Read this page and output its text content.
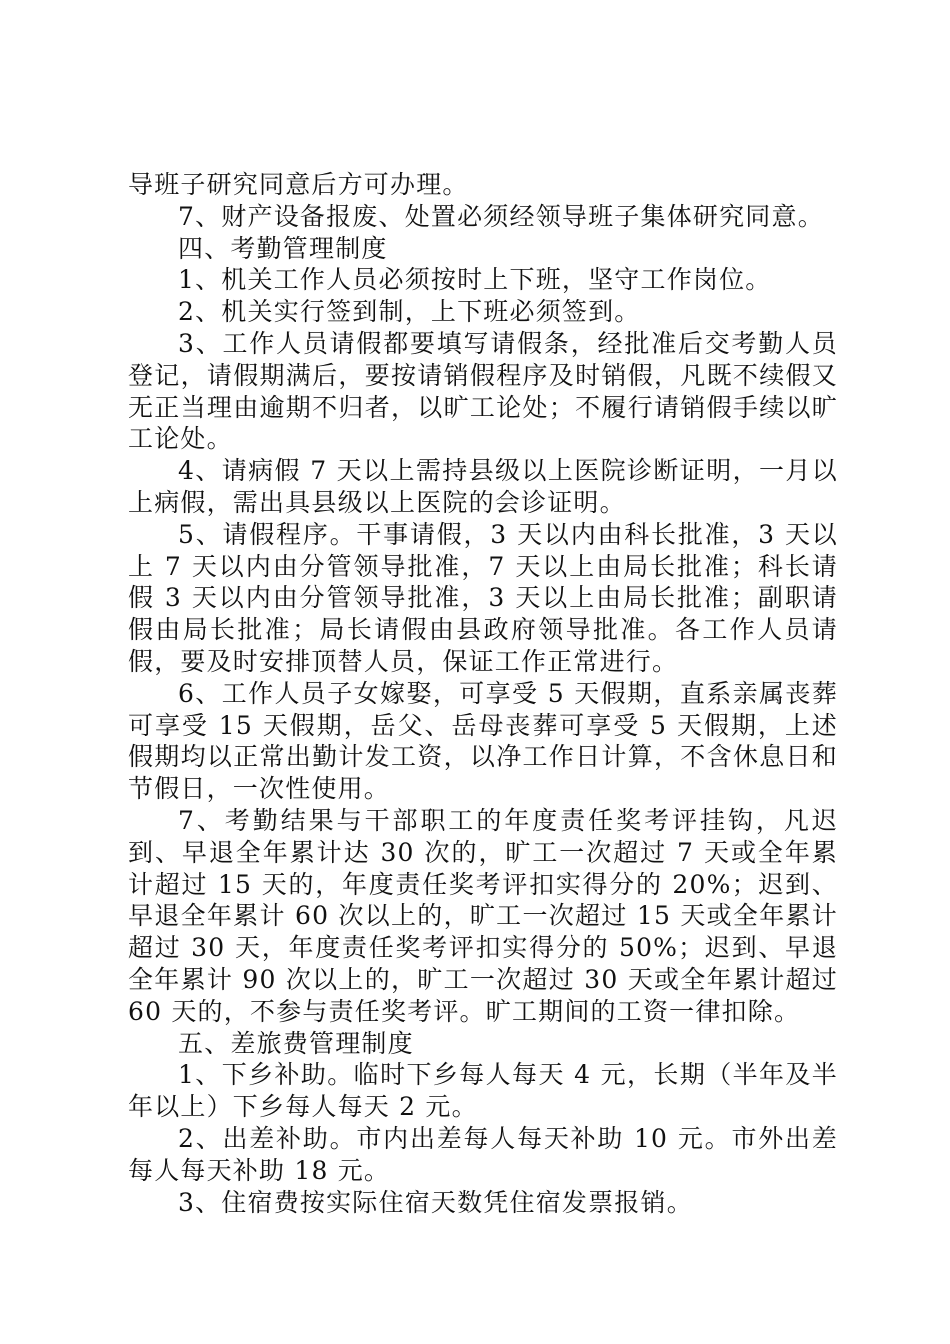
导班子研究同意后方可办理。

7、财产设备报废、处置必须经领导班子集体研究同意。

四、考勤管理制度

1、机关工作人员必须按时上下班，坚守工作岗位。

2、机关实行签到制，上下班必须签到。

3、工作人员请假都要填写请假条，经批准后交考勤人员登记，请假期满后，要按请销假程序及时销假，凡既不续假又无正当理由逾期不归者，以旷工论处；不履行请销假手续以旷工论处。

4、请病假 7 天以上需持县级以上医院诊断证明，一月以上病假，需出具县级以上医院的会诊证明。

5、请假程序。干事请假，3 天以内由科长批准，3 天以上 7 天以内由分管领导批准，7 天以上由局长批准；科长请假 3 天以内由分管领导批准，3 天以上由局长批准；副职请假由局长批准；局长请假由县政府领导批准。各工作人员请假，要及时安排顶替人员，保证工作正常进行。

6、工作人员子女嫁娶，可享受 5 天假期，直系亲属丧葬可享受 15 天假期，岳父、岳母丧葬可享受 5 天假期，上述假期均以正常出勤计发工资，以净工作日计算，不含休息日和节假日，一次性使用。

7、考勤结果与干部职工的年度责任奖考评挂钩，凡迟到、早退全年累计达 30 次的，旷工一次超过 7 天或全年累计超过 15 天的，年度责任奖考评扣实得分的 20%；迟到、早退全年累计 60 次以上的，旷工一次超过 15 天或全年累计超过 30 天，年度责任奖考评扣实得分的 50%；迟到、早退全年累计 90 次以上的，旷工一次超过 30 天或全年累计超过 60 天的，不参与责任奖考评。旷工期间的工资一律扣除。

五、差旅费管理制度

1、下乡补助。临时下乡每人每天 4 元，长期（半年及半年以上）下乡每人每天 2 元。

2、出差补助。市内出差每人每天补助 10 元。市外出差每人每天补助 18 元。

3、住宿费按实际住宿天数凭住宿发票报销。
